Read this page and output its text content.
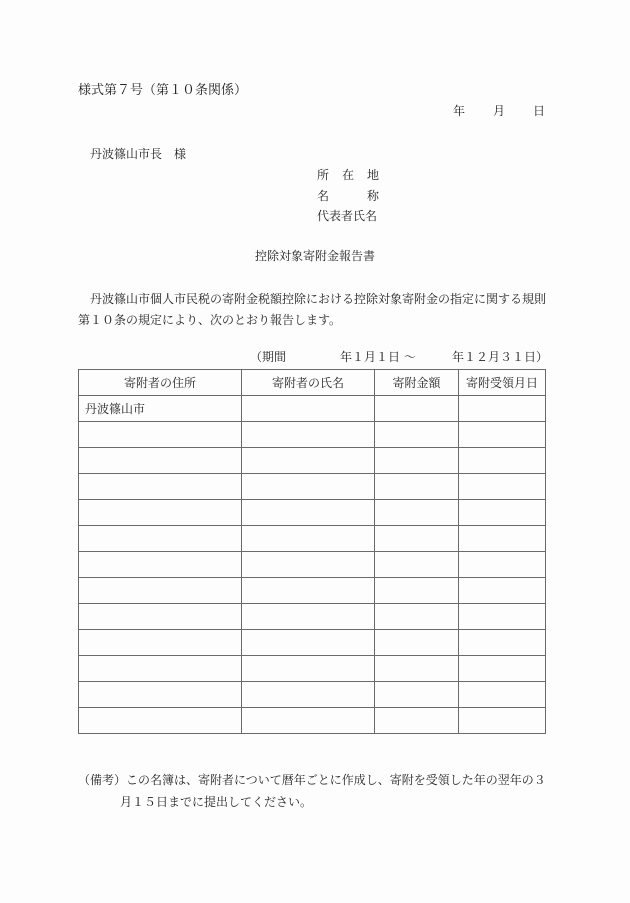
様式第７号（第１０条関係）
年 月 日
丹波篠山市長　様
所 在 地
名	称
代表者氏名
控除対象寄附金報告書
　丹波篠山市個人市民税の寄附金税額控除における控除対象寄附金の指定に関する規則第１０条の規定により、次のとおり報告します。
（期間	年１月１日 ～	年１２月３１日）
寄附者の住所	寄附者の氏名	寄附金額	寄附受領月日
丹波篠山市			

（備考）この名簿は、寄附者について暦年ごとに作成し、寄附を受領した年の翌年の３
月１５日までに提出してください。
